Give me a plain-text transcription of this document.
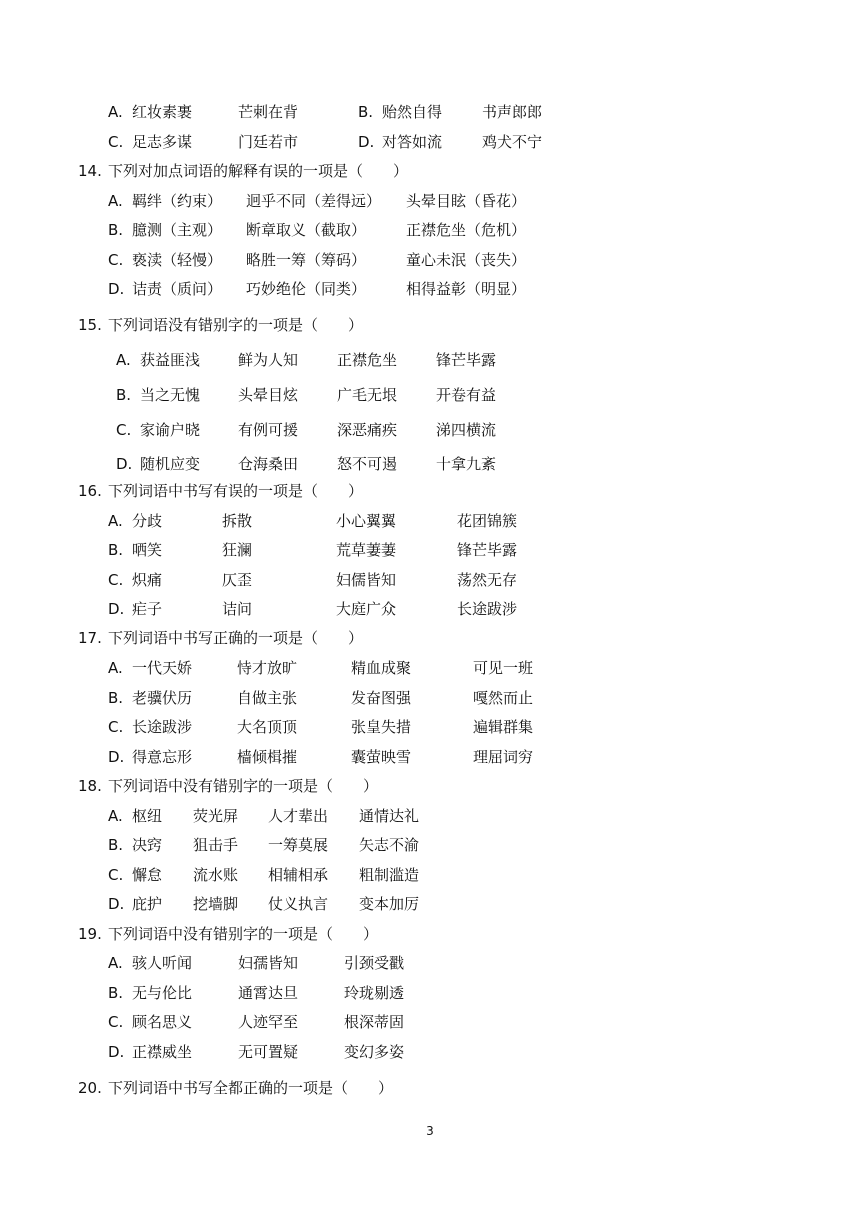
A. 红妆素裹	芒刺在背	B. 贻然自得	书声郎郎
C. 足志多谋	门廷若市	D. 对答如流	鸡犬不宁
14. 下列对加点词语的解释有误的一项是（　　）
A. 羁绊（约束） 迥乎不同（差得远） 头晕目眩（昏花）
B. 臆测（主观） 断章取义（截取）	正襟危坐（危机）
C. 亵渎（轻慢） 略胜一筹（筹码）	童心未泯（丧失）
D. 诘责（质问） 巧妙绝伦（同类）	相得益彰（明显）
15. 下列词语没有错别字的一项是（　　）
A. 获益匪浅	鲜为人知	正襟危坐	锋芒毕露
B. 当之无愧	头晕目炫	广毛无垠	开卷有益
C. 家谕户晓	有例可援	深恶痛疾	涕四横流
D. 随机应变	仓海桑田	怒不可遏	十拿九紊
16. 下列词语中书写有误的一项是（　　）
A. 分歧	拆散	小心翼翼	花团锦簇
B. 哂笑	狂澜	荒草萋萋	锋芒毕露
C. 炽痛	仄歪	妇儒皆知	荡然无存
D. 疟子	诘问	大庭广众	长途跋涉
17. 下列词语中书写正确的一项是（　　）
A. 一代天娇	恃才放旷	精血成聚	可见一班
B. 老骥伏历	自做主张	发奋图强	嘎然而止
C. 长途跋涉	大名顶顶	张皇失措	遍辑群集
D. 得意忘形	樯倾楫摧	囊萤映雪	理屈词穷
18. 下列词语中没有错别字的一项是（　　）
A. 枢纽 荧光屏 人才辈出 通情达礼
B. 决窍 狙击手 一筹莫展 矢志不渝
C. 懈怠 流水账 相辅相承 粗制滥造
D. 庇护 挖墙脚 仗义执言 变本加厉
19. 下列词语中没有错别字的一项是（　　）
A. 骇人听闻	妇孺皆知	引颈受戳
B. 无与伦比	通霄达旦	玲珑剔透
C. 顾名思义	人迹罕至	根深蒂固
D. 正襟威坐	无可置疑	变幻多姿
20. 下列词语中书写全都正确的一项是（　　）
3
